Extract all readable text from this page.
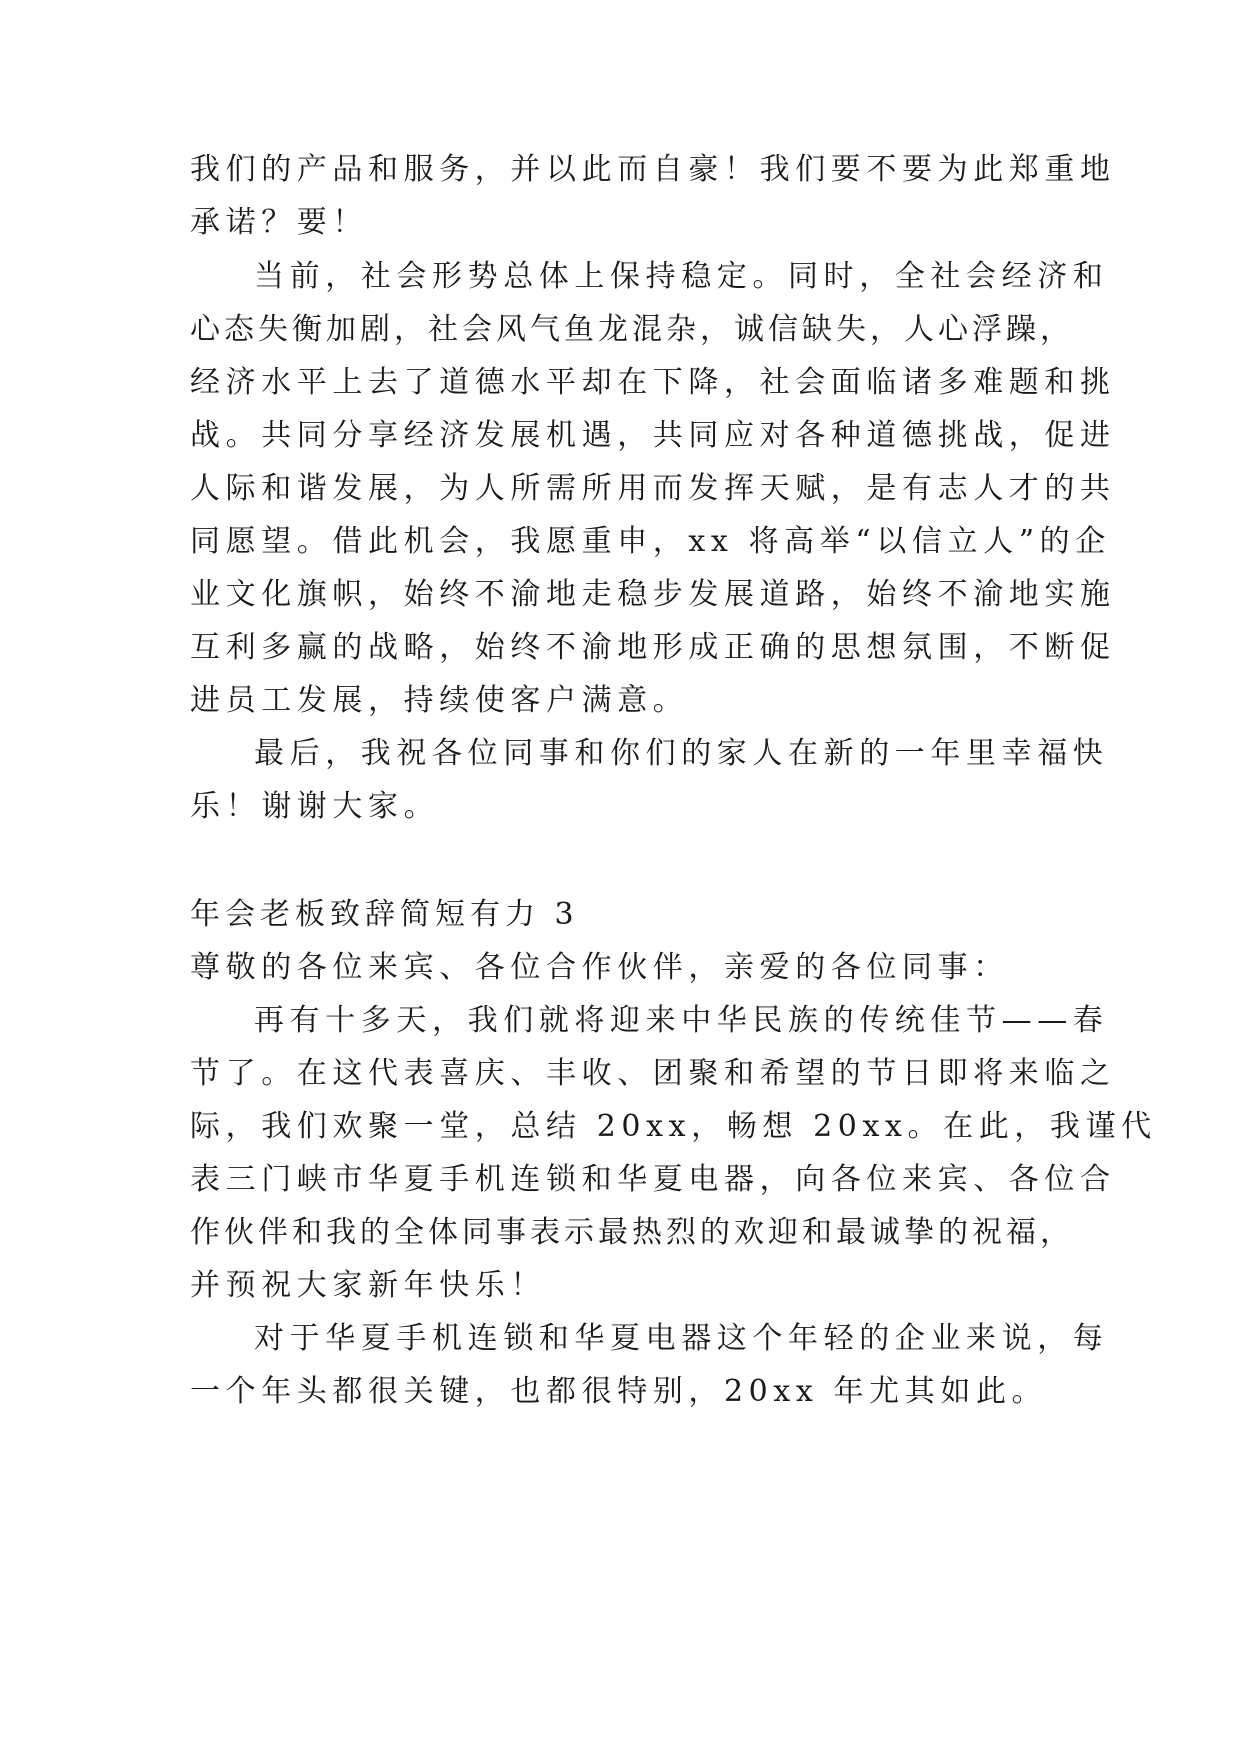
我们的产品和服务，并以此而自豪！我们要不要为此郑重地
承诺？要！
当前，社会形势总体上保持稳定。同时，全社会经济和
心态失衡加剧，社会风气鱼龙混杂，诚信缺失，人心浮躁，
经济水平上去了道德水平却在下降，社会面临诸多难题和挑
战。共同分享经济发展机遇，共同应对各种道德挑战，促进
人际和谐发展，为人所需所用而发挥天赋，是有志人才的共
同愿望。借此机会，我愿重申，xx 将高举“以信立人”的企
业文化旗帜，始终不渝地走稳步发展道路，始终不渝地实施
互利多赢的战略，始终不渝地形成正确的思想氛围，不断促
进员工发展，持续使客户满意。
最后，我祝各位同事和你们的家人在新的一年里幸福快
乐！谢谢大家。
年会老板致辞简短有力 3
尊敬的各位来宾、各位合作伙伴，亲爱的各位同事：
再有十多天，我们就将迎来中华民族的传统佳节——春
节了。在这代表喜庆、丰收、团聚和希望的节日即将来临之
际，我们欢聚一堂，总结 20xx，畅想 20xx。在此，我谨代
表三门峡市华夏手机连锁和华夏电器，向各位来宾、各位合
作伙伴和我的全体同事表示最热烈的欢迎和最诚挚的祝福，
并预祝大家新年快乐！
对于华夏手机连锁和华夏电器这个年轻的企业来说，每
一个年头都很关键，也都很特别，20xx 年尤其如此。
